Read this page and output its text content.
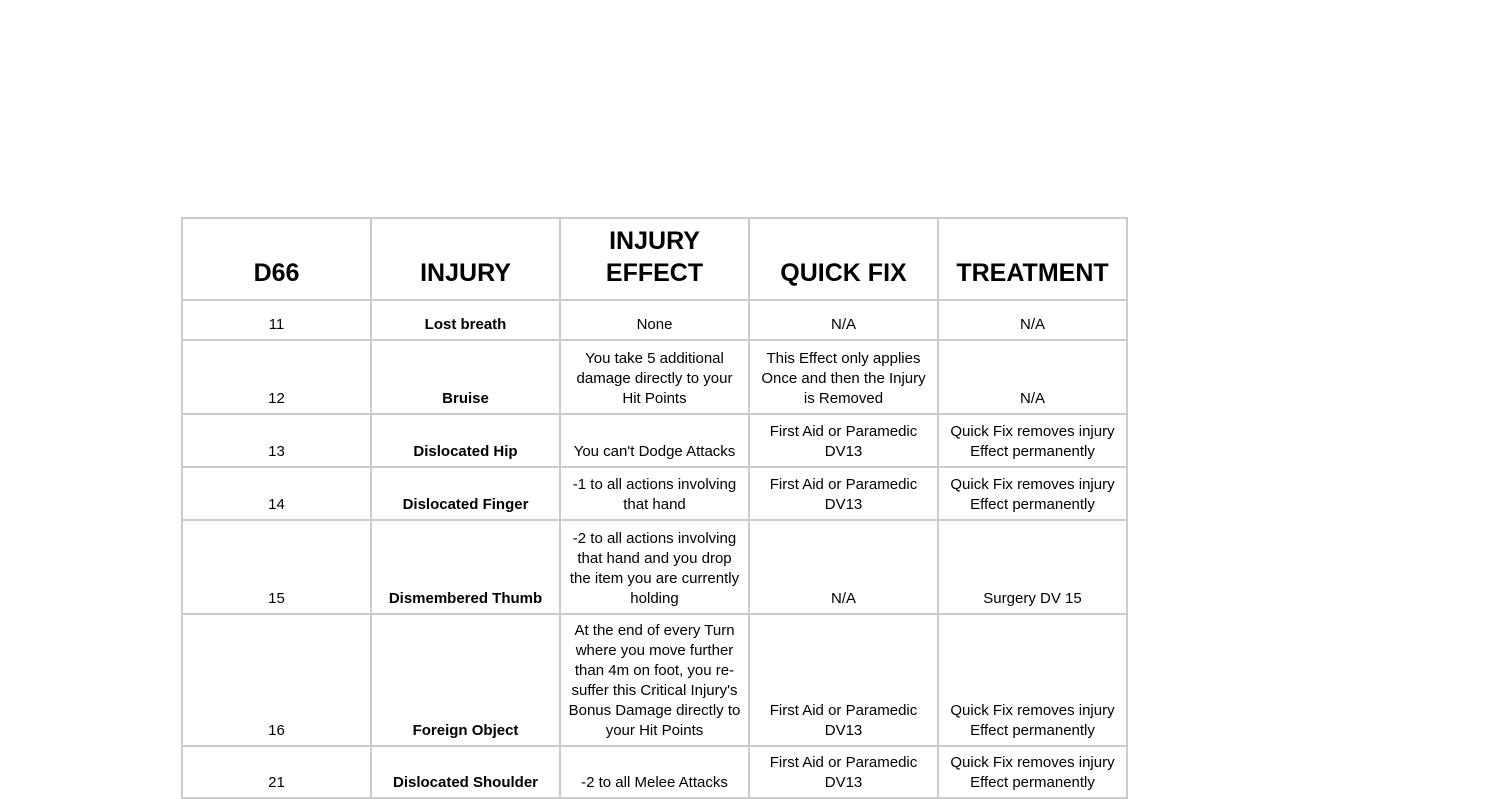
D66	INJURY	INJURY EFFECT	QUICK FIX	TREATMENT
11	Lost breath	None	N/A	N/A
12	Bruise	You take 5 additional damage directly to your Hit Points	This Effect only applies Once and then the Injury is Removed	N/A
13	Dislocated Hip	You can't Dodge Attacks	First Aid or Paramedic DV13	Quick Fix removes injury Effect permanently
14	Dislocated Finger	-1 to all actions involving that hand	First Aid or Paramedic DV13	Quick Fix removes injury Effect permanently
15	Dismembered Thumb	-2 to all actions involving that hand and you drop the item you are currently holding	N/A	Surgery DV 15
16	Foreign Object	At the end of every Turn where you move further than 4m on foot, you re-suffer this Critical Injury's Bonus Damage directly to your Hit Points	First Aid or Paramedic DV13	Quick Fix removes injury Effect permanently
21	Dislocated Shoulder	-2 to all Melee Attacks	First Aid or Paramedic DV13	Quick Fix removes injury Effect permanently
